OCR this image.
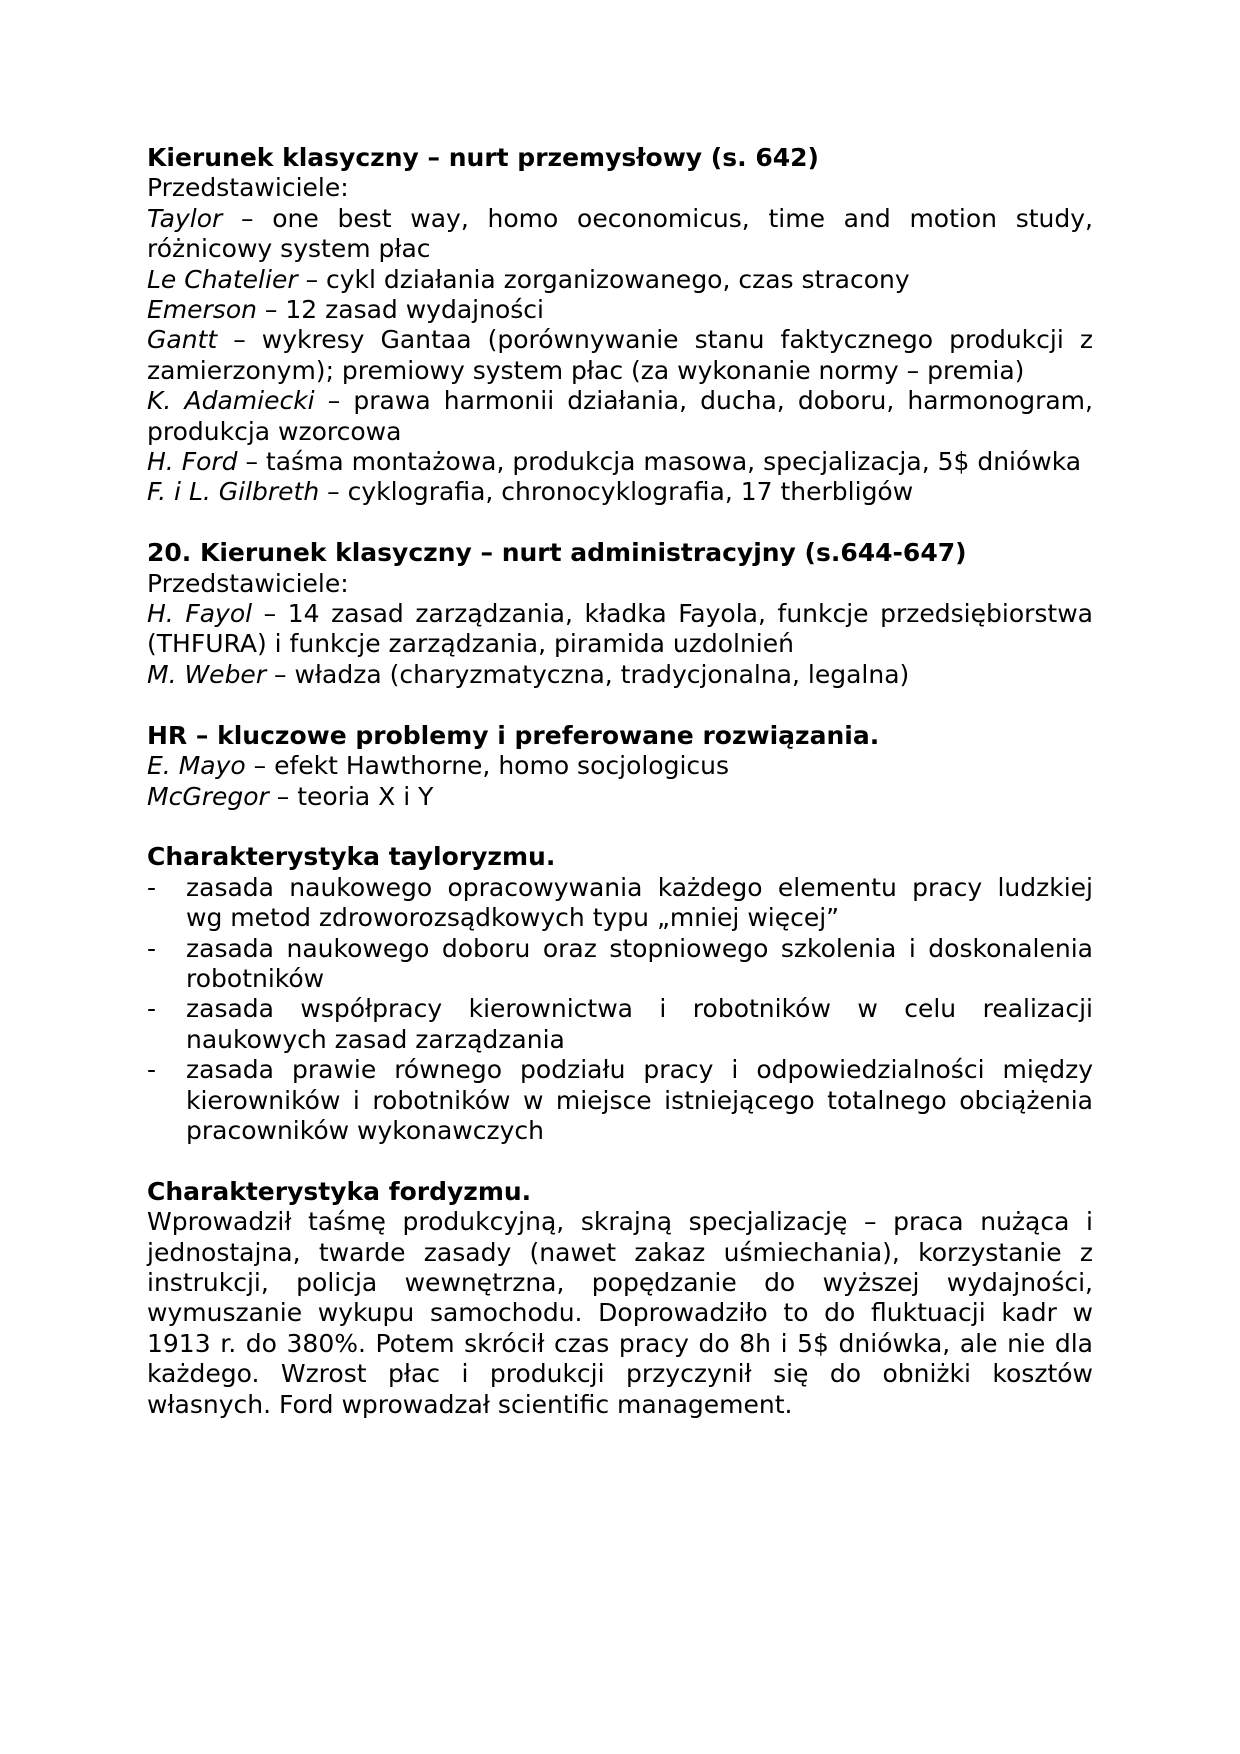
Kierunek klasyczny – nurt przemysłowy (s. 642)
Przedstawiciele:
Taylor – one best way, homo oeconomicus, time and motion study, różnicowy system płac
Le Chatelier – cykl działania zorganizowanego, czas stracony
Emerson – 12 zasad wydajności
Gantt – wykresy Gantaa (porównywanie stanu faktycznego produkcji z zamierzonym); premiowy system płac (za wykonanie normy – premia)
K. Adamiecki – prawa harmonii działania, ducha, doboru, harmonogram, produkcja wzorcowa
H. Ford – taśma montażowa, produkcja masowa, specjalizacja, 5$ dniówka
F. i L. Gilbreth – cyklografia, chronocyklografia, 17 therbligów
20. Kierunek klasyczny – nurt administracyjny (s.644-647)
Przedstawiciele:
H. Fayol – 14 zasad zarządzania, kładka Fayola, funkcje przedsiębiorstwa (THFURA) i funkcje zarządzania, piramida uzdolnień
M. Weber – władza (charyzmatyczna, tradycjonalna, legalna)
HR – kluczowe problemy i preferowane rozwiązania.
E. Mayo – efekt Hawthorne, homo socjologicus
McGregor – teoria X i Y
Charakterystyka tayloryzmu.
- zasada naukowego opracowywania każdego elementu pracy ludzkiej wg metod zdroworozsądkowych typu „mniej więcej”
- zasada naukowego doboru oraz stopniowego szkolenia i doskonalenia robotników
- zasada współpracy kierownictwa i robotników w celu realizacji naukowych zasad zarządzania
- zasada prawie równego podziału pracy i odpowiedzialności między kierowników i robotników w miejsce istniejącego totalnego obciążenia pracowników wykonawczych
Charakterystyka fordyzmu.
Wprowadził taśmę produkcyjną, skrajną specjalizację – praca nużąca i jednostajna, twarde zasady (nawet zakaz uśmiechania), korzystanie z instrukcji, policja wewnętrzna, popędzanie do wyższej wydajności, wymuszanie wykupu samochodu. Doprowadziło to do fluktuacji kadr w 1913 r. do 380%. Potem skrócił czas pracy do 8h i 5$ dniówka, ale nie dla każdego. Wzrost płac i produkcji przyczynił się do obniżki kosztów własnych. Ford wprowadzał scientific management.
